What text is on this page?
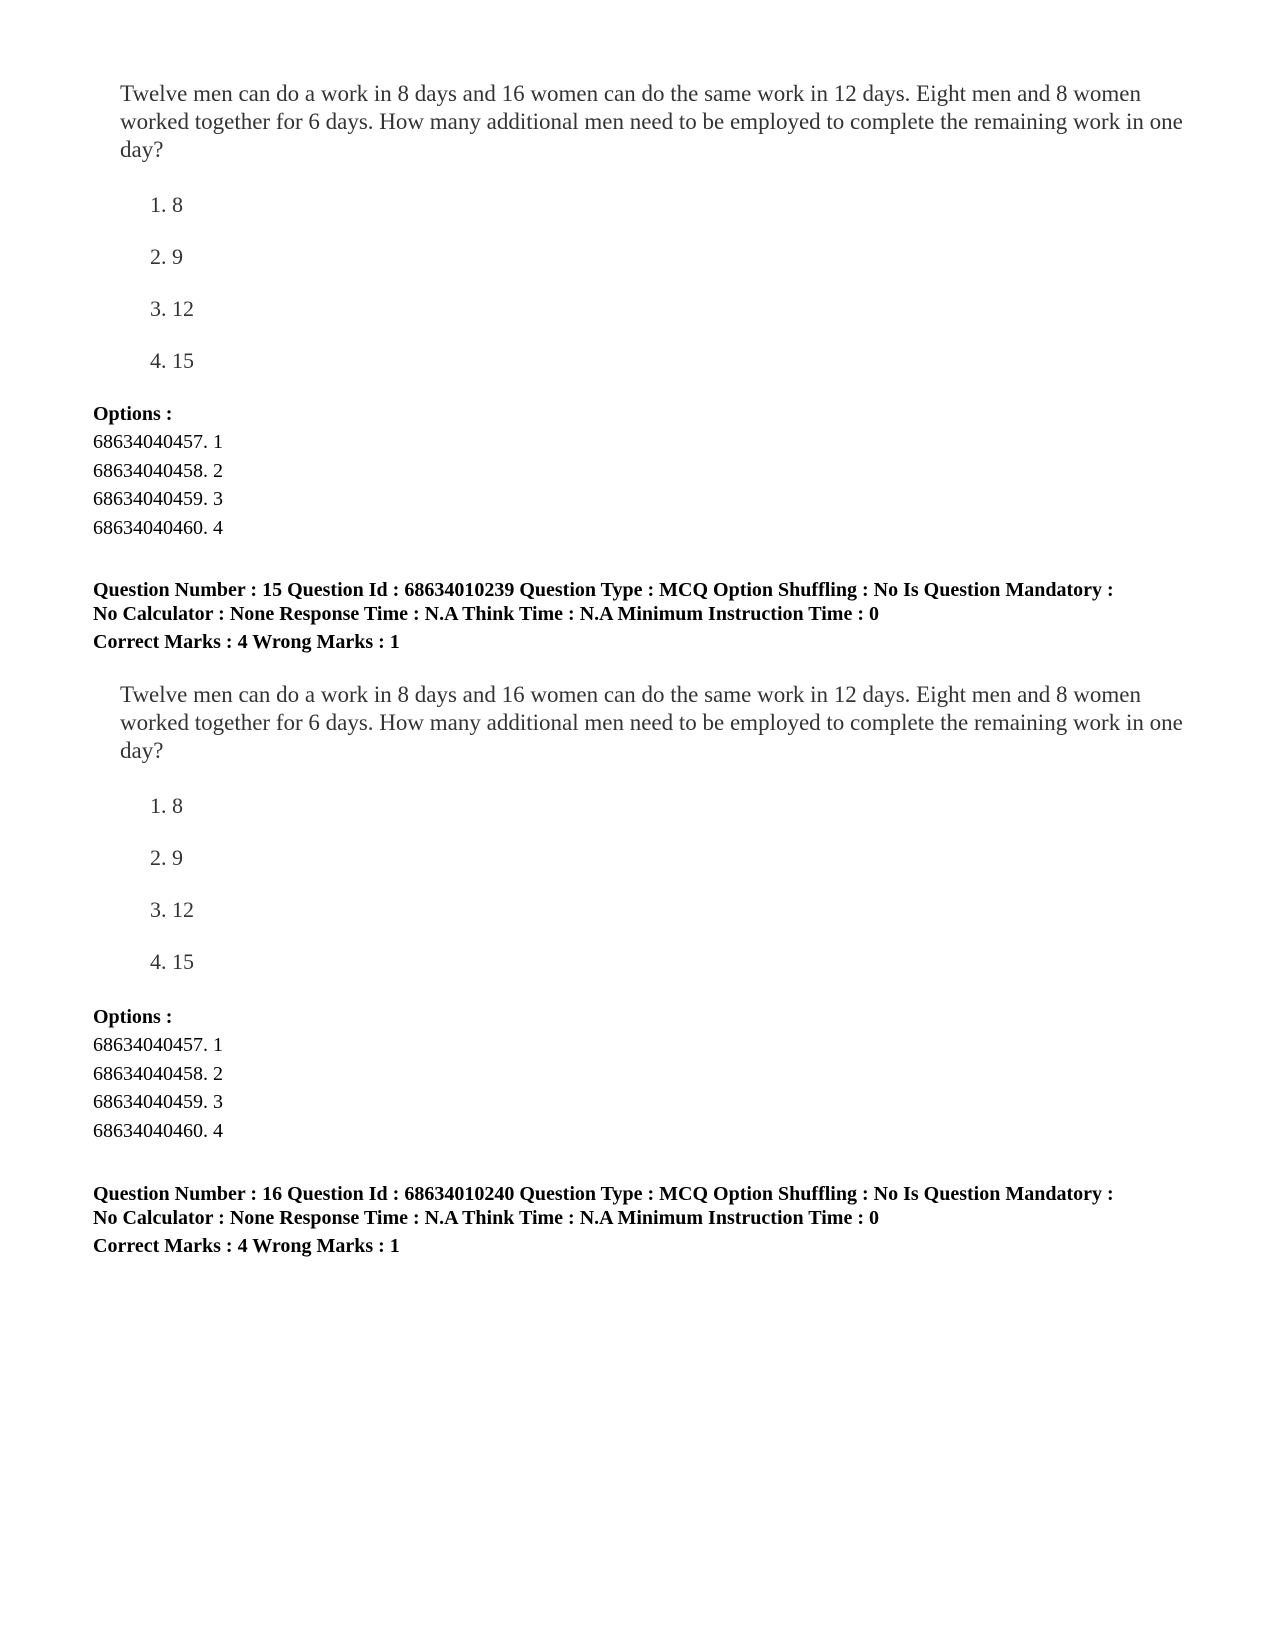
Twelve men can do a work in 8 days and 16 women can do the same work in 12 days. Eight men and 8 women worked together for 6 days. How many additional men need to be employed to complete the remaining work in one day?
1. 8
2. 9
3. 12
4. 15
Options :
68634040457. 1
68634040458. 2
68634040459. 3
68634040460. 4
Question Number : 15 Question Id : 68634010239 Question Type : MCQ Option Shuffling : No Is Question Mandatory :
No Calculator : None Response Time : N.A Think Time : N.A Minimum Instruction Time : 0
Correct Marks : 4 Wrong Marks : 1
Twelve men can do a work in 8 days and 16 women can do the same work in 12 days. Eight men and 8 women worked together for 6 days. How many additional men need to be employed to complete the remaining work in one day?
1. 8
2. 9
3. 12
4. 15
Options :
68634040457. 1
68634040458. 2
68634040459. 3
68634040460. 4
Question Number : 16 Question Id : 68634010240 Question Type : MCQ Option Shuffling : No Is Question Mandatory :
No Calculator : None Response Time : N.A Think Time : N.A Minimum Instruction Time : 0
Correct Marks : 4 Wrong Marks : 1
